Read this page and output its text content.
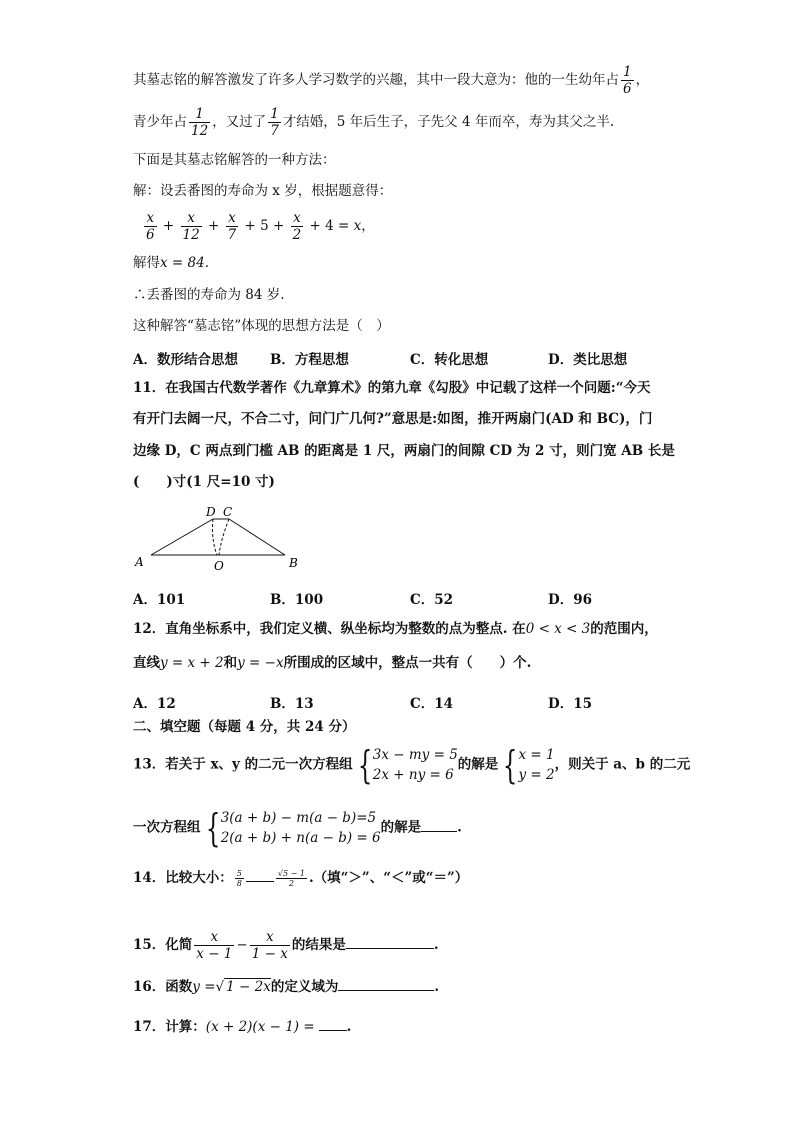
其墓志铭的解答激发了许多人学习数学的兴趣，其中一段大意为：他的一生幼年占 $\frac{1}{6}$ ，
青少年占 $\frac{1}{12}$ ，又过了 $\frac{1}{7}$ 才结婚，5 年后生子，子先父 4 年而卒，寿为其父之半.
下面是其墓志铭解答的一种方法：
解：设丢番图的寿命为 x 岁，根据题意得：
$\frac{x}{6} + \frac{x}{12} + \frac{x}{7} + 5 + \frac{x}{2} + 4 = x$，
解得x = 84.
∴丢番图的寿命为 84 岁.
这种解答“墓志铭”体现的思想方法是（　）
A．数形结合思想 B．方程思想	C．转化思想	D．类比思想
11．在我国古代数学著作《九章算术》的第九章《勾股》中记载了这样一个问题:“今天
有开门去阔一尺，不合二寸，问门广几何?”意思是:如图，推开两扇门(AD 和 BC)，门
边缘 D，C 两点到门槛 AB 的距离是 1 尺，两扇门的间隙 CD 为 2 寸，则门宽 AB 长是
(　　)寸(1 尺=10 寸)
A	B
O
D C
A．101	B．100	C．52	D．96
12．直角坐标系中，我们定义横、纵坐标均为整数的点为整点. 在0 < x < 3的范围内，
直线y = x + 2和y = −x所围成的区域中，整点一共有（　　）个.
A．12	B．13	C．14	D．15
二、填空题（每题 4 分，共 24 分）
13．若关于 x、y 的二元一次方程组 { 3x − my = 5
2x + ny = 6
的解是 { x = 1
y = 2
，则关于 a、b 的二元
一次方程组 { 3(a + b) − m(a − b)=5
2(a + b) + n(a − b) = 6
的解是	.
14．比较大小： $\frac{5}{8}$	$\frac{√5 - 1}{2}$ .（填“＞”、“＜”或“＝”）
15．化简 $\frac{x}{x - 1} - \frac{x}{1 - x}$ 的结果是	.
16．函数y =√ 1 − 2x的定义域为	.
17．计算：(x + 2)(x − 1) = .
